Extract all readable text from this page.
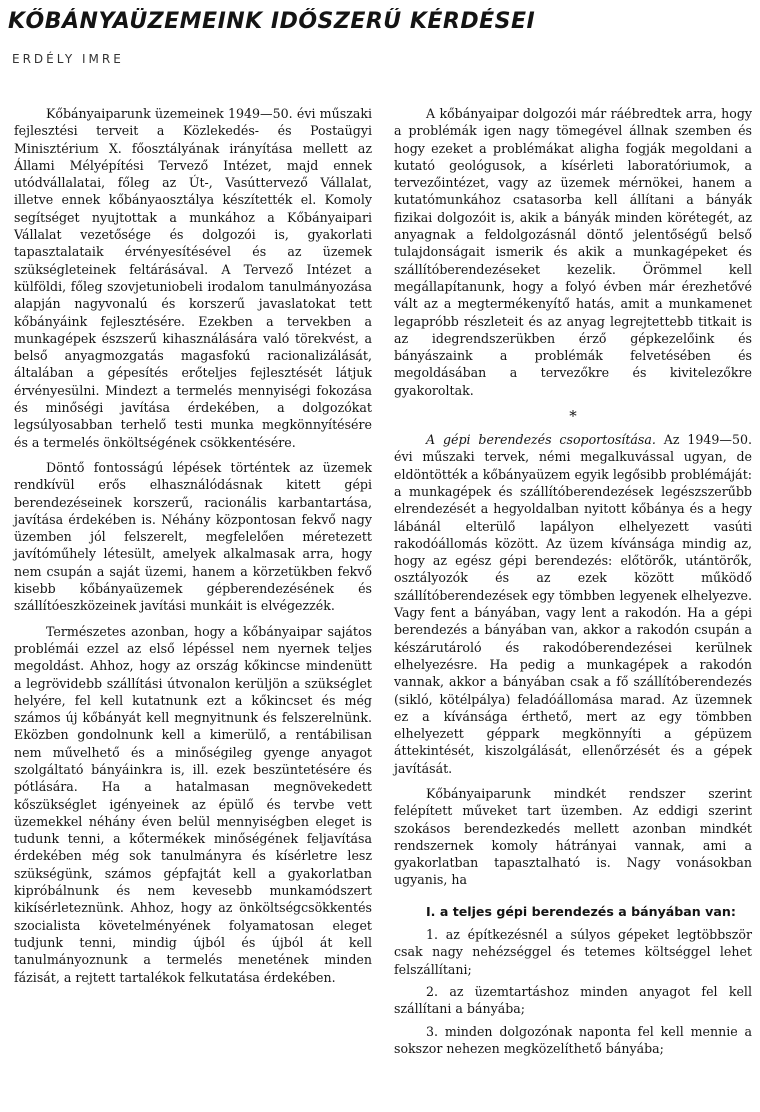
KŐBÁNYAÜZEMEINK IDŐSZERŰ KÉRDÉSEI
ERDÉLY IMRE

Kőbányaiparunk üzemeinek 1949—50. évi műszaki fejlesztési terveit a Közlekedés- és Postaügyi Minisztérium X. főosztályának irányítása mellett az Állami Mélyépítési Tervező Intézet, majd ennek utódvállalatai, főleg az Út-, Vasúttervező Vállalat, illetve ennek kőbányaosztálya készítették el. Komoly segítséget nyujtottak a munkához a Kőbányaipari Vállalat vezetősége és dolgozói is, gyakorlati tapasztalataik érvényesítésével és az üzemek szükségleteinek feltárásával. A Tervező Intézet a külföldi, főleg szovjetuniobeli irodalom tanulmányozása alapján nagyvonalú és korszerű javaslatokat tett kőbányáink fejlesztésére. Ezekben a tervekben a munkagépek észszerű kihasználására való törekvést, a belső anyagmozgatás magasfokú racionalizálását, általában a gépesítés erőteljes fejlesztését látjuk érvényesülni. Mindezt a termelés mennyiségi fokozása és minőségi javítása érdekében, a dolgozókat legsúlyosabban terhelő testi munka megkönnyítésére és a termelés önköltségének csökkentésére.

Döntő fontosságú lépések történtek az üzemek rendkívül erős elhasználódásnak kitett gépi berendezéseinek korszerű, racionális karbantartása, javítása érdekében is. Néhány központosan fekvő nagy üzemben jól felszerelt, megfelelően méretezett javítóműhely létesült, amelyek alkalmasak arra, hogy nem csupán a saját üzemi, hanem a körzetükben fekvő kisebb kőbányaüzemek gépberendezésének és szállítóeszközeinek javítási munkáit is elvégezzék.

Természetes azonban, hogy a kőbányaipar sajátos problémái ezzel az első lépéssel nem nyernek teljes megoldást. Ahhoz, hogy az ország kőkincse mindenütt a legrövidebb szállítási útvonalon kerüljön a szükséglet helyére, fel kell kutatnunk ezt a kőkincset és még számos új kőbányát kell megnyitnunk és felszerelnünk. Eközben gondolnunk kell a kimerülő, a rentábilisan nem művelhető és a minőségileg gyenge anyagot szolgáltató bányáinkra is, ill. ezek beszüntetésére és pótlására. Ha a hatalmasan megnövekedett kőszükséglet igényeinek az épülő és tervbe vett üzemekkel néhány éven belül mennyiségben eleget is tudunk tenni, a kőtermékek minőségének feljavítása érdekében még sok tanulmányra és kísérletre lesz szükségünk, számos gépfajtát kell a gyakorlatban kipróbálnunk és nem kevesebb munkamódszert kikísérleteznünk. Ahhoz, hogy az önköltségcsökkentés szocialista követelményének folyamatosan eleget tudjunk tenni, mindig újból és újból át kell tanulmányoznunk a termelés menetének minden fázisát, a rejtett tartalékok felkutatása érdekében.

A kőbányaipar dolgozói már ráébredtek arra, hogy a problémák igen nagy tömegével állnak szemben és hogy ezeket a problémákat aligha fogják megoldani a kutató geológusok, a kísérleti laboratóriumok, a tervezőintézet, vagy az üzemek mérnökei, hanem a kutatómunkához csatasorba kell állítani a bányák fizikai dolgozóit is, akik a bányák minden körétegét, az anyagnak a feldolgozásnál döntő jelentőségű belső tulajdonságait ismerik és akik a munkagépeket és szállítóberendezéseket kezelik. Örömmel kell megállapítanunk, hogy a folyó évben már érezhetővé vált az a megtermékenyítő hatás, amit a munkamenet legapróbb részleteit és az anyag legrejtettebb titkait is az idegrendszerükben érző gépkezelőink és bányászaink a problémák felvetésében és megoldásában a tervezőkre és kivitelezőkre gyakoroltak.

*

A gépi berendezés csoportosítása. Az 1949—50. évi műszaki tervek, némi megalkuvással ugyan, de eldöntötték a kőbányaüzem egyik legősibb problémáját: a munkagépek és szállítóberendezések legészszerűbb elrendezését a hegyoldalban nyitott kőbánya és a hegy lábánál elterülő lapályon elhelyezett vasúti rakodóállomás között. Az üzem kívánsága mindig az, hogy az egész gépi berendezés: előtörők, utántörők, osztályozók és az ezek között működő szállítóberendezések egy tömbben legyenek elhelyezve. Vagy fent a bányában, vagy lent a rakodón. Ha a gépi berendezés a bányában van, akkor a rakodón csupán a készárutároló és rakodóberendezései kerülnek elhelyezésre. Ha pedig a munkagépek a rakodón vannak, akkor a bányában csak a fő szállítóberendezés (sikló, kötélpálya) feladóállomása marad. Az üzemnek ez a kívánsága érthető, mert az egy tömbben elhelyezett géppark megkönnyíti a gépüzem áttekintését, kiszolgálását, ellenőrzését és a gépek javítását.

Kőbányaiparunk mindkét rendszer szerint felépített műveket tart üzemben. Az eddigi szerint szokásos berendezkedés mellett azonban mindkét rendszernek komoly hátrányai vannak, ami a gyakorlatban tapasztalható is. Nagy vonásokban ugyanis, ha

I. a teljes gépi berendezés a bányában van:

1. az építkezésnél a súlyos gépeket legtöbbször csak nagy nehézséggel és tetemes költséggel lehet felszállítani;

2. az üzemtartáshoz minden anyagot fel kell szállítani a bányába;

3. minden dolgozónak naponta fel kell mennie a sokszor nehezen megközelíthető bányába;
